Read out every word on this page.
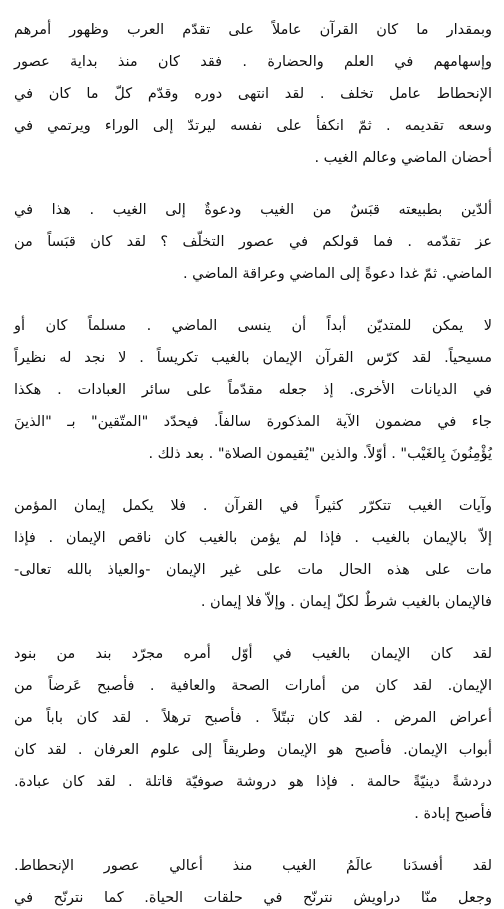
وبمقدار ما كان القرآن عاملاً على تقدّم العرب وظهور أمرهم
وإسهامهم في العلم والحضارة . فقد كان منذ بداية عصور
الإنحطاط عامل تخلف . لقد انتهى دوره وقدّم كلّ ما كان في
وسعه تقديمه . ثمّ انكفأ على نفسه ليرتدّ إلى الوراء ويرتمي في
أحضان الماضي وعالم الغيب .
ألدّين بطبيعته قبَسٌ من الغيب ودعوةٌ إلى الغيب . هذا في
عز تقدّمه . فما قولكم في عصور التخلّف ؟ لقد كان قبَساً من
الماضي. ثمّ غدا دعوةً إلى الماضي وعراقة الماضي .
لا يمكن للمتديّن أبداً أن ينسى الماضي . مسلماً كان أو
مسيحياً. لقد كرّس القرآن الإيمان بالغيب تكريساً . لا نجد له نظيراً
في الديانات الأخرى. إذ جعله مقدّماً على سائر العبادات . هكذا
جاء في مضمون الآية المذكورة سالفاً. فيحدّد "المتّقين" بـ "الذينَ
يُؤْمِنُونَ بِالغَيْب" . أوّلاً. والذين "يُقيمون الصلاة" . بعد ذلك .
وآيات الغيب تتكرّر كثيراً في القرآن . فلا يكمل إيمان المؤمن
إلاّ بالإيمان بالغيب . فإذا لم يؤمن بالغيب كان ناقص الإيمان . فإذا
مات على هذه الحال مات على غير الإيمان -والعياذ بالله تعالى-
فالإيمان بالغيب شرطٌ لكلّ إيمان . وإلاّ فلا إيمان .
لقد كان الإيمان بالغيب في أوّل أمره مجرّد بند من بنود
الإيمان. لقد كان من أمارات الصحة والعافية . فأصبح عَرضاً من
أعراض المرض . لقد كان تبتّلاً . فأصبح ترهلاً . لقد كان باباً من
أبواب الإيمان. فأصبح هو الإيمان وطريقاً إلى علوم العرفان . لقد كان
دردشةً دينيّةً حالمة . فإذا هو دروشة صوفيّة قاتلة . لقد كان عبادة.
فأصبح إبادة .
لقد أفسدَنا عالَمُ الغيب منذ أعالي عصور الإنحطاط.
وجعل منّا دراويش نترنّح في حلقات الحياة. كما نترنّح في
